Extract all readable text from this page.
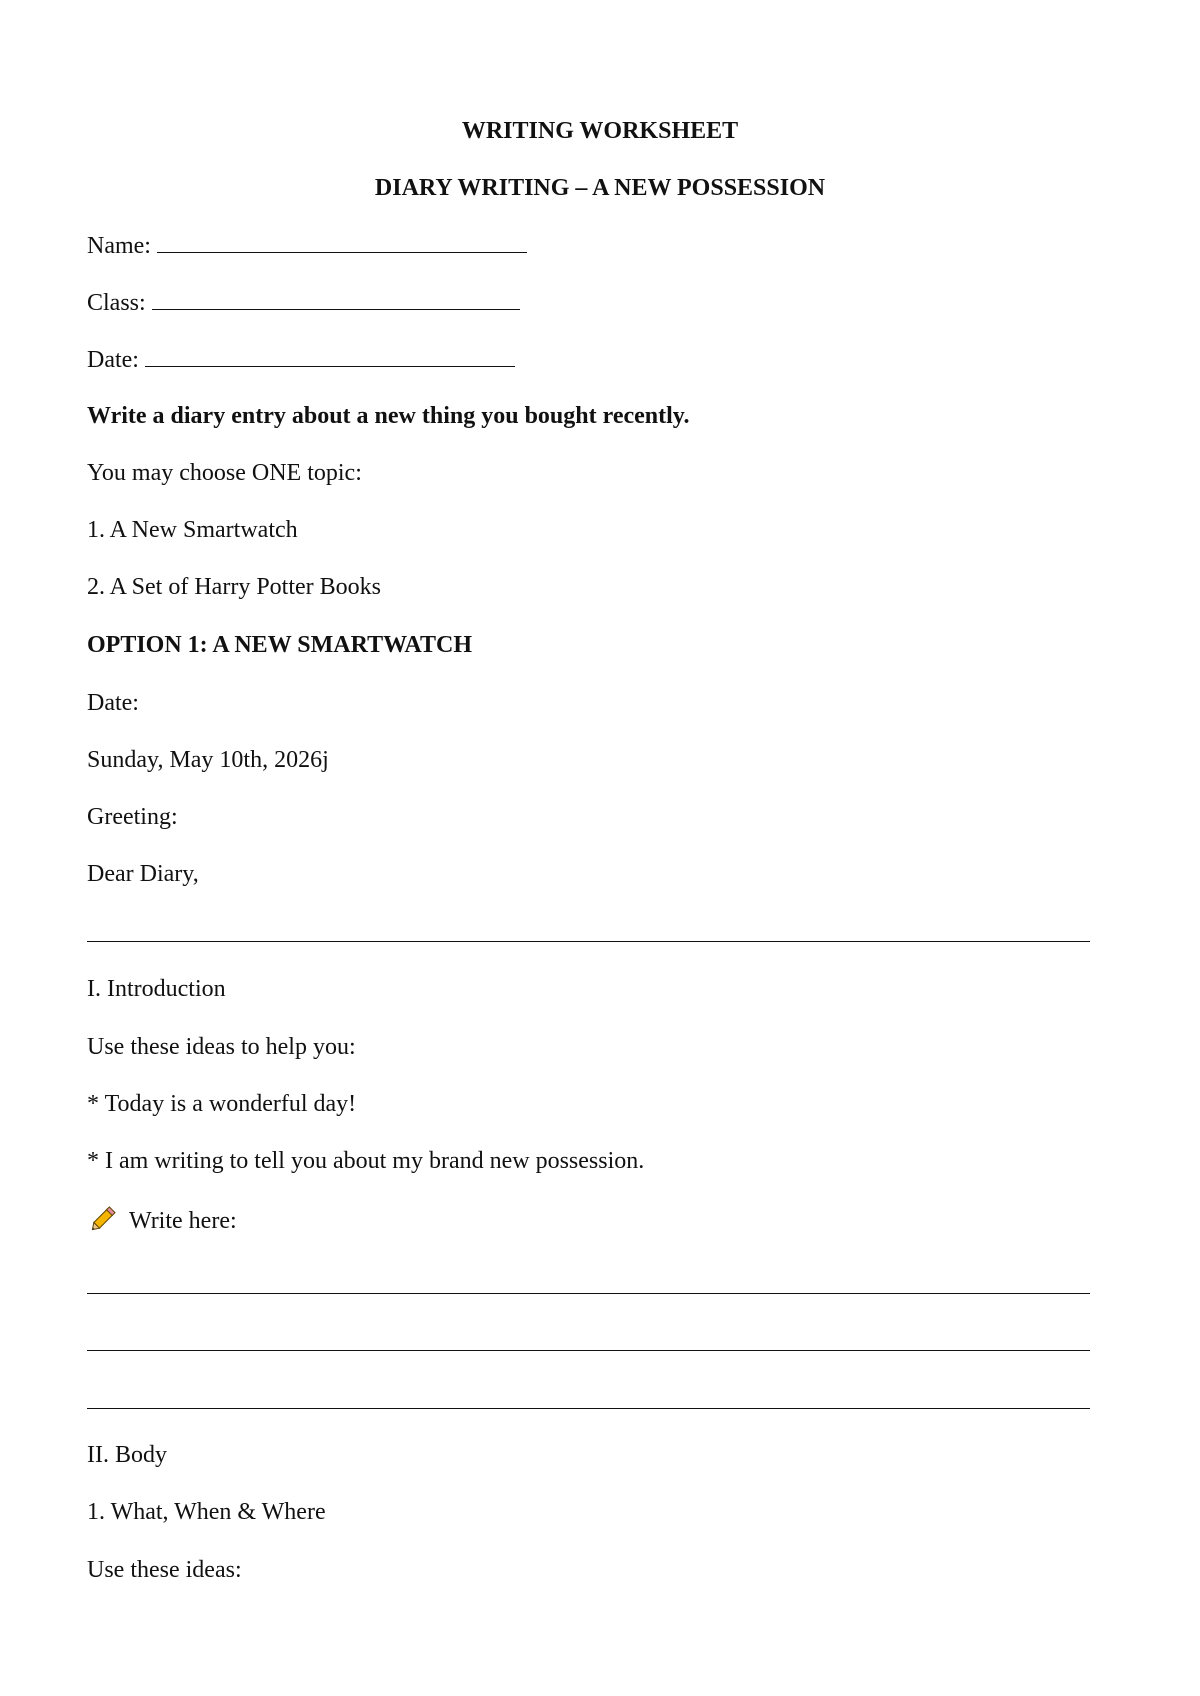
WRITING WORKSHEET
DIARY WRITING – A NEW POSSESSION
Name:
Class:
Date:
Write a diary entry about a new thing you bought recently.
You may choose ONE topic:
1. A New Smartwatch
2. A Set of Harry Potter Books
OPTION 1: A NEW SMARTWATCH
Date:
Sunday, May 10th, 2026j
Greeting:
Dear Diary,
I. Introduction
Use these ideas to help you:
* Today is a wonderful day!
* I am writing to tell you about my brand new possession.
Write here:
II. Body
1. What, When & Where
Use these ideas:
